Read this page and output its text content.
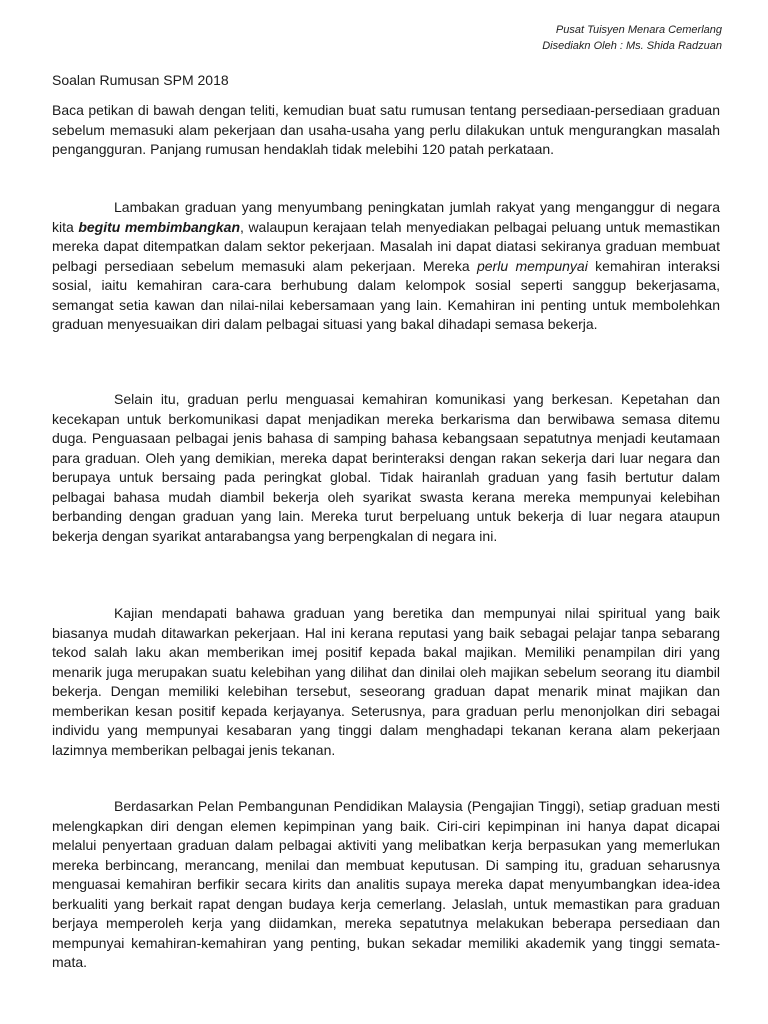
Pusat Tuisyen Menara Cemerlang
Disediakn Oleh : Ms. Shida Radzuan
Soalan Rumusan SPM 2018

Baca petikan di bawah dengan teliti, kemudian buat satu rumusan tentang persediaan-persediaan graduan sebelum memasuki alam pekerjaan dan usaha-usaha yang perlu dilakukan untuk mengurangkan masalah pengangguran. Panjang rumusan hendaklah tidak melebihi 120 patah perkataan.

Lambakan graduan yang menyumbang peningkatan jumlah rakyat yang menganggur di negara kita begitu membimbangkan, walaupun kerajaan telah menyediakan pelbagai peluang untuk memastikan mereka dapat ditempatkan dalam sektor pekerjaan. Masalah ini dapat diatasi sekiranya graduan membuat pelbagi persediaan sebelum memasuki alam pekerjaan. Mereka perlu mempunyai kemahiran interaksi sosial, iaitu kemahiran cara-cara berhubung dalam kelompok sosial seperti sanggup bekerjasama, semangat setia kawan dan nilai-nilai kebersamaan yang lain. Kemahiran ini penting untuk membolehkan graduan menyesuaikan diri dalam pelbagai situasi yang bakal dihadapi semasa bekerja.

Selain itu, graduan perlu menguasai kemahiran komunikasi yang berkesan. Kepetahan dan kecekapan untuk berkomunikasi dapat menjadikan mereka berkarisma dan berwibawa semasa ditemu duga. Penguasaan pelbagai jenis bahasa di samping bahasa kebangsaan sepatutnya menjadi keutamaan para graduan. Oleh yang demikian, mereka dapat berinteraksi dengan rakan sekerja dari luar negara dan berupaya untuk bersaing pada peringkat global. Tidak hairanlah graduan yang fasih bertutur dalam pelbagai bahasa mudah diambil bekerja oleh syarikat swasta kerana mereka mempunyai kelebihan berbanding dengan graduan yang lain. Mereka turut berpeluang untuk bekerja di luar negara ataupun bekerja dengan syarikat antarabangsa yang berpengkalan di negara ini.

Kajian mendapati bahawa graduan yang beretika dan mempunyai nilai spiritual yang baik biasanya mudah ditawarkan pekerjaan. Hal ini kerana reputasi yang baik sebagai pelajar tanpa sebarang tekod salah laku akan memberikan imej positif kepada bakal majikan. Memiliki penampilan diri yang menarik juga merupakan suatu kelebihan yang dilihat dan dinilai oleh majikan sebelum seorang itu diambil bekerja. Dengan memiliki kelebihan tersebut, seseorang graduan dapat menarik minat majikan dan memberikan kesan positif kepada kerjayanya. Seterusnya, para graduan perlu menonjolkan diri sebagai individu yang mempunyai kesabaran yang tinggi dalam menghadapi tekanan kerana alam pekerjaan lazimnya memberikan pelbagai jenis tekanan.

Berdasarkan Pelan Pembangunan Pendidikan Malaysia (Pengajian Tinggi), setiap graduan mesti melengkapkan diri dengan elemen kepimpinan yang baik. Ciri-ciri kepimpinan ini hanya dapat dicapai melalui penyertaan graduan dalam pelbagai aktiviti yang melibatkan kerja berpasukan yang memerlukan mereka berbincang, merancang, menilai dan membuat keputusan. Di samping itu, graduan seharusnya menguasai kemahiran berfikir secara kirits dan analitis supaya mereka dapat menyumbangkan idea-idea berkualiti yang berkait rapat dengan budaya kerja cemerlang. Jelaslah, untuk memastikan para graduan berjaya memperoleh kerja yang diidamkan, mereka sepatutnya melakukan beberapa persediaan dan mempunyai kemahiran-kemahiran yang penting, bukan sekadar memiliki akademik yang tinggi semata-mata.
